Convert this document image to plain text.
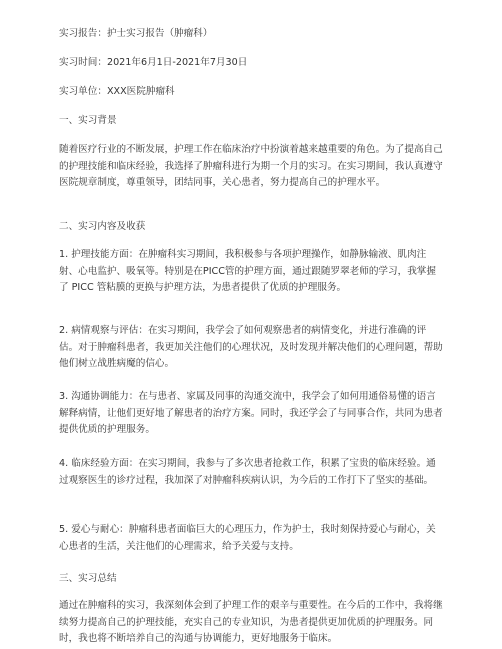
实习报告：护士实习报告（肿瘤科）

实习时间：2021年6月1日-2021年7月30日

实习单位：XXX医院肿瘤科

一、实习背景

随着医疗行业的不断发展，护理工作在临床治疗中扮演着越来越重要的角色。为了提高自己的护理技能和临床经验，我选择了肿瘤科进行为期一个月的实习。在实习期间，我认真遵守医院规章制度，尊重领导，团结同事，关心患者，努力提高自己的护理水平。

二、实习内容及收获

1. 护理技能方面：在肿瘤科实习期间，我积极参与各项护理操作，如静脉输液、肌肉注射、心电监护、吸氧等。特别是在PICC管的护理方面，通过跟随罗翠老师的学习，我掌握了 PICC 管粘膜的更换与护理方法，为患者提供了优质的护理服务。

2. 病情观察与评估：在实习期间，我学会了如何观察患者的病情变化，并进行准确的评估。对于肿瘤科患者，我更加关注他们的心理状况，及时发现并解决他们的心理问题，帮助他们树立战胜病魔的信心。

3. 沟通协调能力：在与患者、家属及同事的沟通交流中，我学会了如何用通俗易懂的语言解释病情，让他们更好地了解患者的治疗方案。同时，我还学会了与同事合作，共同为患者提供优质的护理服务。

4. 临床经验方面：在实习期间，我参与了多次患者抢救工作，积累了宝贵的临床经验。通过观察医生的诊疗过程，我加深了对肿瘤科疾病认识，为今后的工作打下了坚实的基础。

5. 爱心与耐心：肿瘤科患者面临巨大的心理压力，作为护士，我时刻保持爱心与耐心，关心患者的生活，关注他们的心理需求，给予关爱与支持。

三、实习总结

通过在肿瘤科的实习，我深刻体会到了护理工作的艰辛与重要性。在今后的工作中，我将继续努力提高自己的护理技能，充实自己的专业知识，为患者提供更加优质的护理服务。同时，我也将不断培养自己的沟通与协调能力，更好地服务于临床。
